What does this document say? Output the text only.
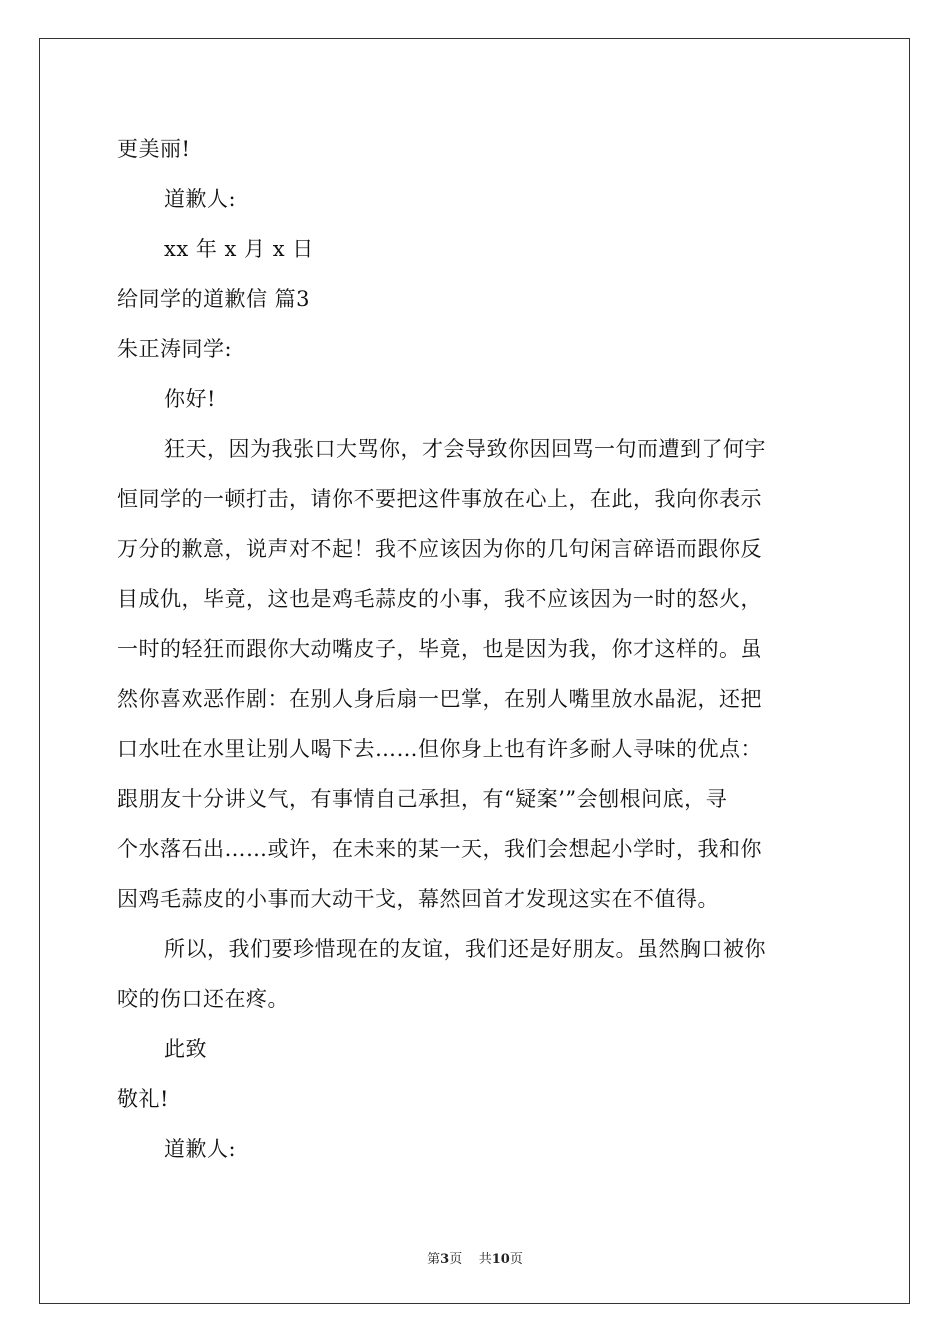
更美丽!
道歉人:
xx 年 x 月 x 日
给同学的道歉信 篇3
朱正涛同学:
你好!
狂天，因为我张口大骂你，才会导致你因回骂一句而遭到了何宇
恒同学的一顿打击，请你不要把这件事放在心上，在此，我向你表示
万分的歉意，说声对不起！我不应该因为你的几句闲言碎语而跟你反
目成仇，毕竟，这也是鸡毛蒜皮的小事，我不应该因为一时的怒火，
一时的轻狂而跟你大动嘴皮子，毕竟，也是因为我，你才这样的。虽
然你喜欢恶作剧：在别人身后扇一巴掌，在别人嘴里放水晶泥，还把
口水吐在水里让别人喝下去……但你身上也有许多耐人寻味的优点：
跟朋友十分讲义气，有事情自己承担，有“疑案’”会刨根问底，寻
个水落石出……或许，在未来的某一天，我们会想起小学时，我和你
因鸡毛蒜皮的小事而大动干戈，幕然回首才发现这实在不值得。
所以，我们要珍惜现在的友谊，我们还是好朋友。虽然胸口被你
咬的伤口还在疼。
此致
敬礼!
道歉人:
第3页 共10页
